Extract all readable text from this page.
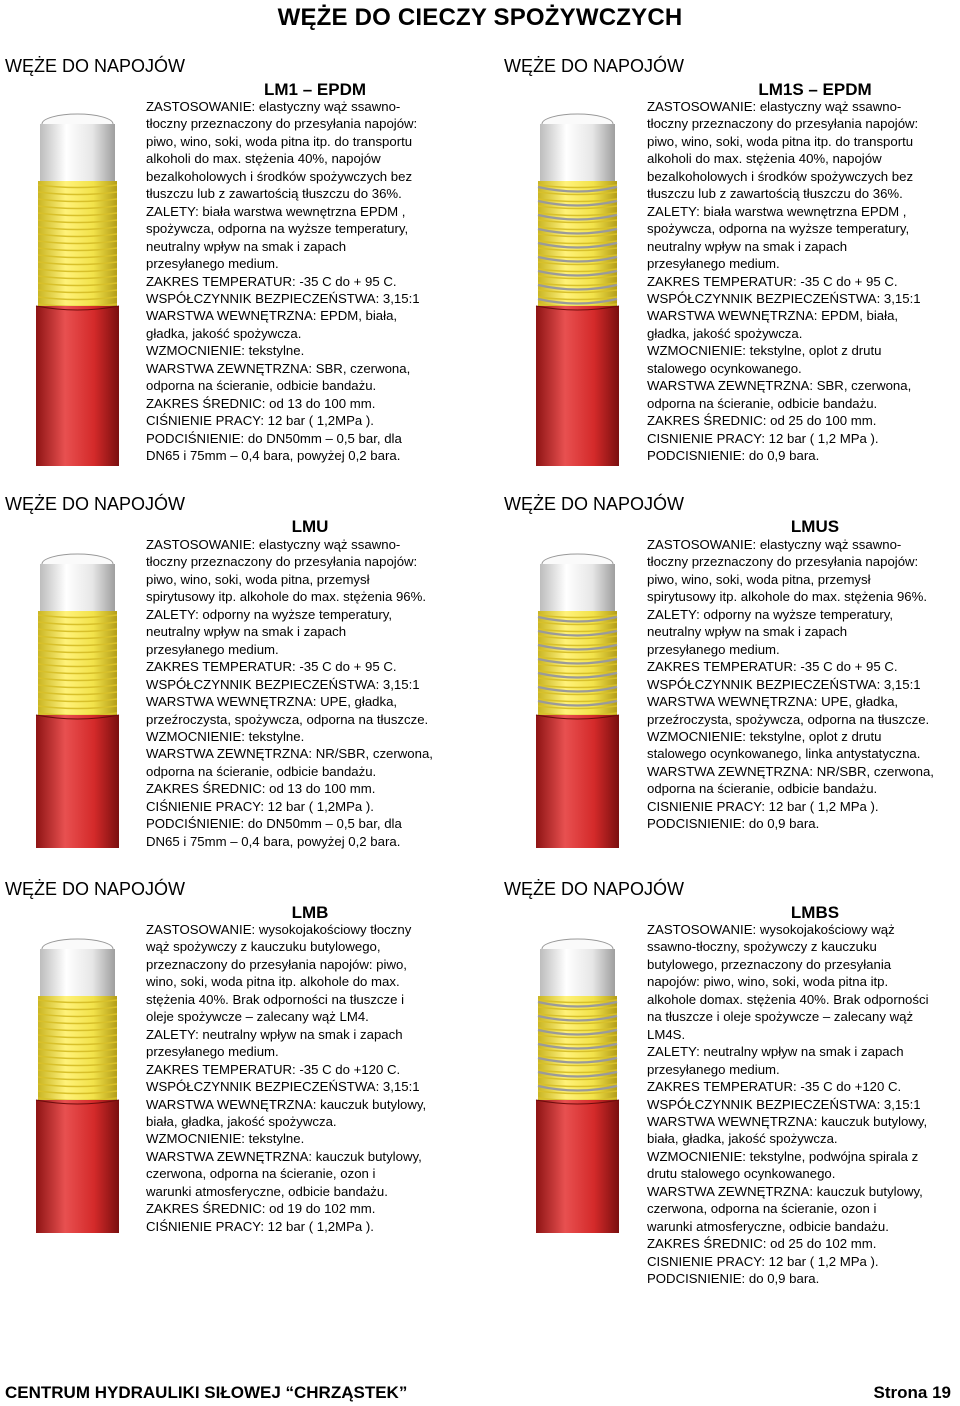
WĘŻE DO CIECZY SPOŻYWCZYCH
WĘŻE DO NAPOJÓW
LM1 – EPDM
ZASTOSOWANIE: elastyczny wąż ssawno-
tłoczny przeznaczony do przesyłania napojów:
piwo, wino, soki, woda pitna itp. do transportu
alkoholi do max. stężenia 40%, napojów
bezalkoholowych i środków spożywczych bez
tłuszczu lub z zawartością tłuszczu do 36%.
ZALETY: biała warstwa wewnętrzna EPDM ,
spożywcza, odporna na wyższe temperatury,
neutralny wpływ na smak i zapach
przesyłanego medium.
ZAKRES TEMPERATUR: -35 C do + 95 C.
WSPÓŁCZYNNIK BEZPIECZEŃSTWA: 3,15:1
WARSTWA WEWNĘTRZNA: EPDM, biała,
gładka, jakość spożywcza.
WZMOCNIENIE: tekstylne.
WARSTWA ZEWNĘTRZNA: SBR, czerwona,
odporna na ścieranie, odbicie bandażu.
ZAKRES ŚREDNIC: od 13 do 100 mm.
CIŚNIENIE PRACY: 12 bar ( 1,2MPa ).
PODCIŚNIENIE: do DN50mm – 0,5 bar, dla
DN65 i 75mm – 0,4 bara, powyżej 0,2 bara.
WĘŻE DO NAPOJÓW
LM1S – EPDM
ZASTOSOWANIE: elastyczny wąż ssawno-
tłoczny przeznaczony do przesyłania napojów:
piwo, wino, soki, woda pitna itp. do transportu
alkoholi do max. stężenia 40%, napojów
bezalkoholowych i środków spożywczych bez
tłuszczu lub z zawartością tłuszczu do 36%.
ZALETY: biała warstwa wewnętrzna EPDM ,
spożywcza, odporna na wyższe temperatury,
neutralny wpływ na smak i zapach
przesyłanego medium.
ZAKRES TEMPERATUR: -35 C do + 95 C.
WSPÓŁCZYNNIK BEZPIECZEŃSTWA: 3,15:1
WARSTWA WEWNĘTRZNA: EPDM, biała,
gładka, jakość spożywcza.
WZMOCNIENIE: tekstylne, oplot z drutu
stalowego ocynkowanego.
WARSTWA ZEWNĘTRZNA: SBR, czerwona,
odporna na ścieranie, odbicie bandażu.
ZAKRES ŚREDNIC: od 25 do 100 mm.
CISNIENIE PRACY: 12 bar ( 1,2 MPa ).
PODCISNIENIE: do 0,9 bara.
WĘŻE DO NAPOJÓW
LMU
ZASTOSOWANIE: elastyczny wąż ssawno-
tłoczny przeznaczony do przesyłania napojów:
piwo, wino, soki, woda pitna, przemysł
spirytusowy itp. alkohole do max. stężenia 96%.
ZALETY: odporny na wyższe temperatury,
neutralny wpływ na smak i zapach
przesyłanego medium.
ZAKRES TEMPERATUR: -35 C do + 95 C.
WSPÓŁCZYNNIK BEZPIECZEŃSTWA: 3,15:1
WARSTWA WEWNĘTRZNA: UPE, gładka,
przeźroczysta, spożywcza, odporna na tłuszcze.
WZMOCNIENIE: tekstylne.
WARSTWA ZEWNĘTRZNA: NR/SBR, czerwona,
odporna na ścieranie, odbicie bandażu.
ZAKRES ŚREDNIC: od 13 do 100 mm.
CIŚNIENIE PRACY: 12 bar ( 1,2MPa ).
PODCIŚNIENIE: do DN50mm – 0,5 bar, dla
DN65 i 75mm – 0,4 bara, powyżej 0,2 bara.
WĘŻE DO NAPOJÓW
LMUS
ZASTOSOWANIE: elastyczny wąż ssawno-
tłoczny przeznaczony do przesyłania napojów:
piwo, wino, soki, woda pitna, przemysł
spirytusowy itp. alkohole do max. stężenia 96%.
ZALETY: odporny na wyższe temperatury,
neutralny wpływ na smak i zapach
przesyłanego medium.
ZAKRES TEMPERATUR: -35 C do + 95 C.
WSPÓŁCZYNNIK BEZPIECZEŃSTWA: 3,15:1
WARSTWA WEWNĘTRZNA: UPE, gładka,
przeźroczysta, spożywcza, odporna na tłuszcze.
WZMOCNIENIE: tekstylne, oplot z drutu
stalowego ocynkowanego, linka antystatyczna.
WARSTWA ZEWNĘTRZNA: NR/SBR, czerwona,
odporna na ścieranie, odbicie bandażu.
CISNIENIE PRACY: 12 bar ( 1,2 MPa ).
PODCISNIENIE: do 0,9 bara.
WĘŻE DO NAPOJÓW
LMB
ZASTOSOWANIE: wysokojakościowy tłoczny
wąż spożywczy z kauczuku butylowego,
przeznaczony do przesyłania napojów: piwo,
wino, soki, woda pitna itp. alkohole do max.
stężenia 40%. Brak odporności na tłuszcze i
oleje spożywcze – zalecany wąż LM4.
ZALETY: neutralny wpływ na smak i zapach
przesyłanego medium.
ZAKRES TEMPERATUR: -35 C do +120 C.
WSPÓŁCZYNNIK BEZPIECZEŃSTWA: 3,15:1
WARSTWA WEWNĘTRZNA: kauczuk butylowy,
biała, gładka, jakość spożywcza.
WZMOCNIENIE: tekstylne.
WARSTWA ZEWNĘTRZNA: kauczuk butylowy,
czerwona, odporna na ścieranie, ozon i
warunki atmosferyczne, odbicie bandażu.
ZAKRES ŚREDNIC: od 19 do 102 mm.
CIŚNIENIE PRACY: 12 bar ( 1,2MPa ).
WĘŻE DO NAPOJÓW
LMBS
ZASTOSOWANIE: wysokojakościowy wąż
ssawno-tłoczny, spożywczy z kauczuku
butylowego, przeznaczony do przesyłania
napojów: piwo, wino, soki, woda pitna itp.
alkohole domax. stężenia 40%. Brak odporności
na tłuszcze i oleje spożywcze – zalecany wąż
LM4S.
ZALETY: neutralny wpływ na smak i zapach
przesyłanego medium.
ZAKRES TEMPERATUR: -35 C do +120 C.
WSPÓŁCZYNNIK BEZPIECZEŃSTWA: 3,15:1
WARSTWA WEWNĘTRZNA: kauczuk butylowy,
biała, gładka, jakość spożywcza.
WZMOCNIENIE: tekstylne, podwójna spirala z
drutu stalowego ocynkowanego.
WARSTWA ZEWNĘTRZNA: kauczuk butylowy,
czerwona, odporna na ścieranie, ozon i
warunki atmosferyczne, odbicie bandażu.
ZAKRES ŚREDNIC: od 25 do 102 mm.
CISNIENIE PRACY: 12 bar ( 1,2 MPa ).
PODCISNIENIE: do 0,9 bara.
CENTRUM HYDRAULIKI SIŁOWEJ “CHRZĄSTEK”	Strona 19
